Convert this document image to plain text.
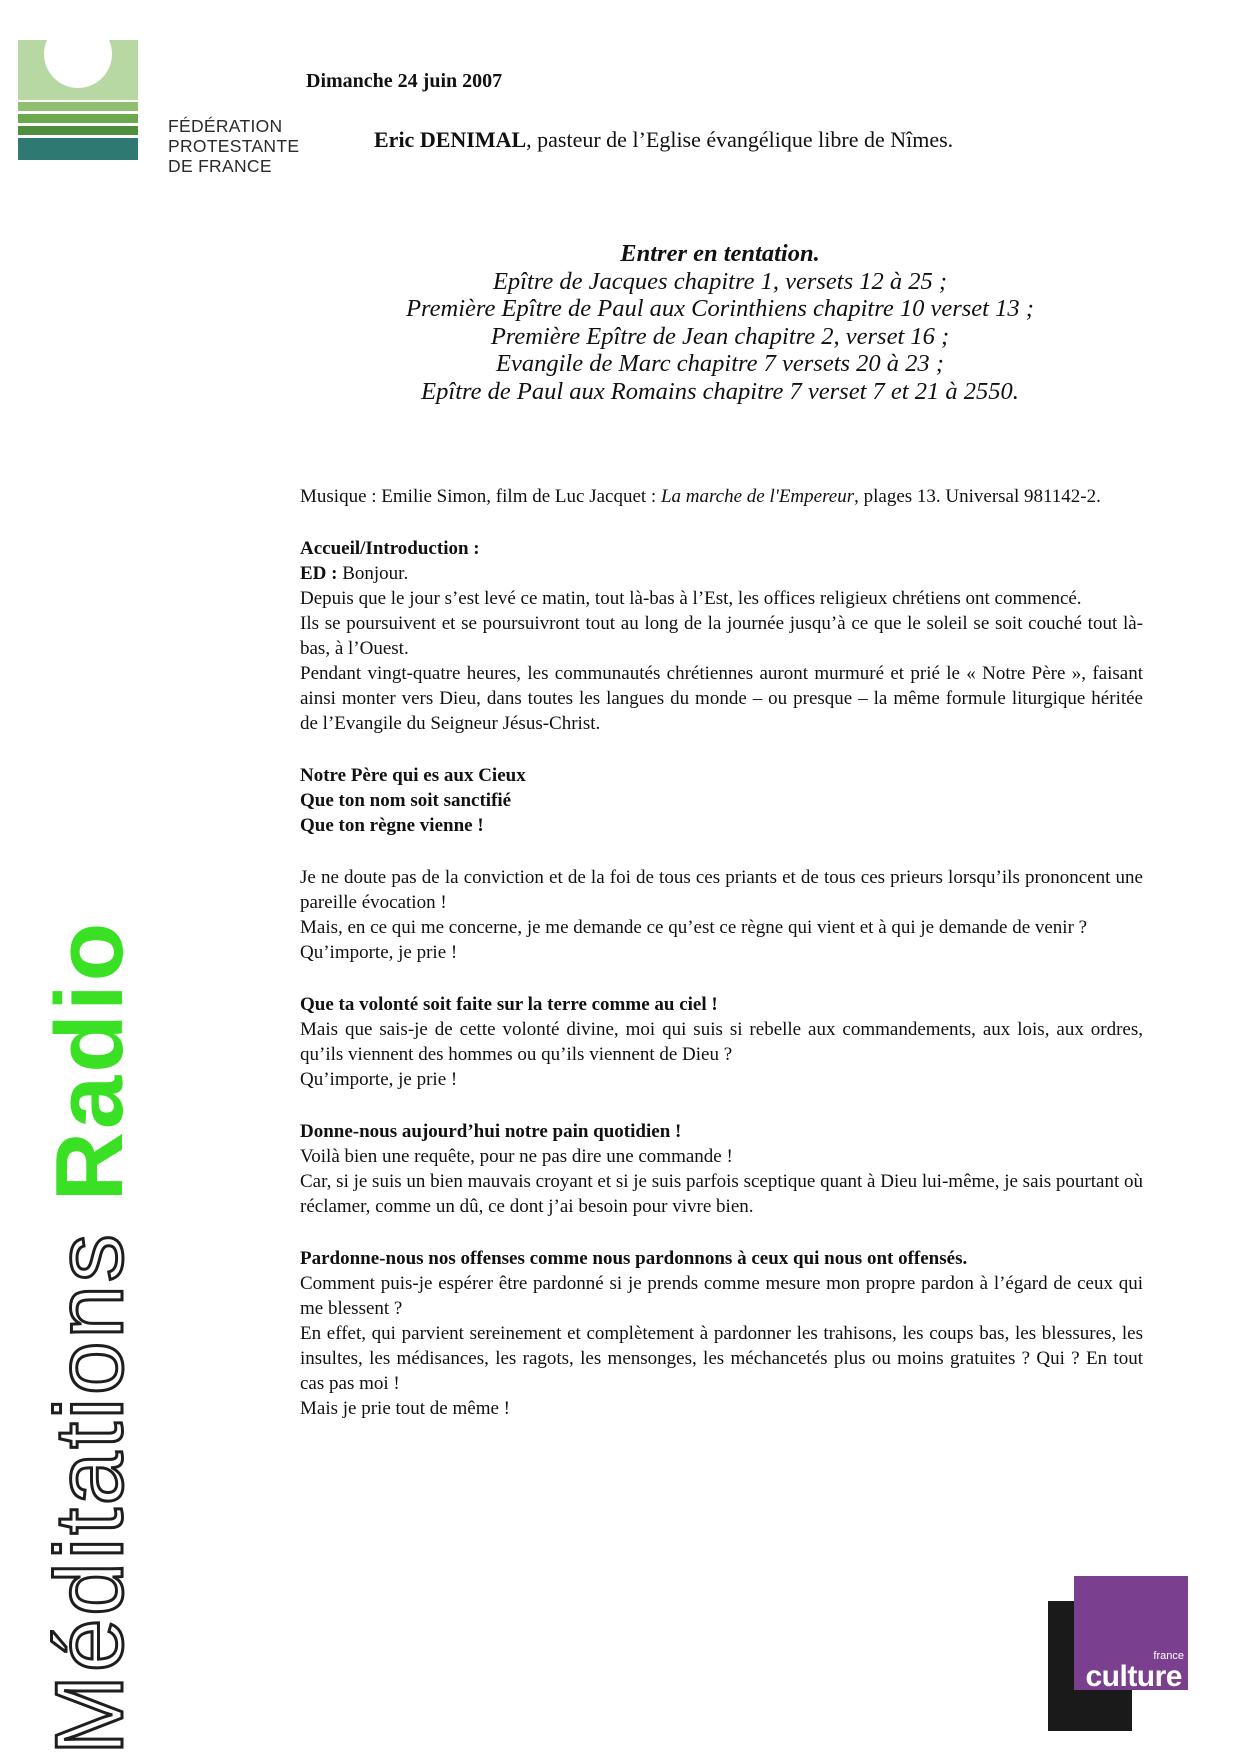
FÉDÉRATION
PROTESTANTE
DE FRANCE
Dimanche 24 juin 2007
Eric DENIMAL, pasteur de l’Eglise évangélique libre de Nîmes.
Méditations Radio
Entrer en tentation.
Epître de Jacques chapitre 1, versets 12 à 25 ;
Première Epître de Paul aux Corinthiens chapitre 10 verset 13 ;
Première Epître de Jean chapitre 2, verset 16 ;
Evangile de Marc chapitre 7 versets 20 à 23 ;
Epître de Paul aux Romains chapitre 7 verset 7 et 21 à 2550.

Musique : Emilie Simon, film de Luc Jacquet : La marche de l'Empereur, plages 13. Universal 981142-2.

Accueil/Introduction :

ED : Bonjour.

Depuis que le jour s’est levé ce matin, tout là-bas à l’Est, les offices religieux chrétiens ont commencé.

Ils se poursuivent et se poursuivront tout au long de la journée jusqu’à ce que le soleil se soit couché tout là-bas, à l’Ouest.

Pendant vingt-quatre heures, les communautés chrétiennes auront murmuré et prié le « Notre Père », faisant ainsi monter vers Dieu, dans toutes les langues du monde – ou presque – la même formule liturgique héritée de l’Evangile du Seigneur Jésus-Christ.

Notre Père qui es aux Cieux

Que ton nom soit sanctifié

Que ton règne vienne !

Je ne doute pas de la conviction et de la foi de tous ces priants et de tous ces prieurs lorsqu’ils prononcent une pareille évocation !

Mais, en ce qui me concerne, je me demande ce qu’est ce règne qui vient et à qui je demande de venir ?

Qu’importe, je prie !

Que ta volonté soit faite sur la terre comme au ciel !

Mais que sais-je de cette volonté divine, moi qui suis si rebelle aux commandements, aux lois, aux ordres, qu’ils viennent des hommes ou qu’ils viennent de Dieu ?

Qu’importe, je prie !

Donne-nous aujourd’hui notre pain quotidien !

Voilà bien une requête, pour ne pas dire une commande !

Car, si je suis un bien mauvais croyant et si je suis parfois sceptique quant à Dieu lui-même, je sais pourtant où réclamer, comme un dû, ce dont j’ai besoin pour vivre bien.

Pardonne-nous nos offenses comme nous pardonnons à ceux qui nous ont offensés.

Comment puis-je espérer être pardonné si je prends comme mesure mon propre pardon à l’égard de ceux qui me blessent ?

En effet, qui parvient sereinement et complètement à pardonner les trahisons, les coups bas, les blessures, les insultes, les médisances, les ragots, les mensonges, les méchancetés plus ou moins gratuites ? Qui ? En tout cas pas moi !

Mais je prie tout de même !

france
culture
